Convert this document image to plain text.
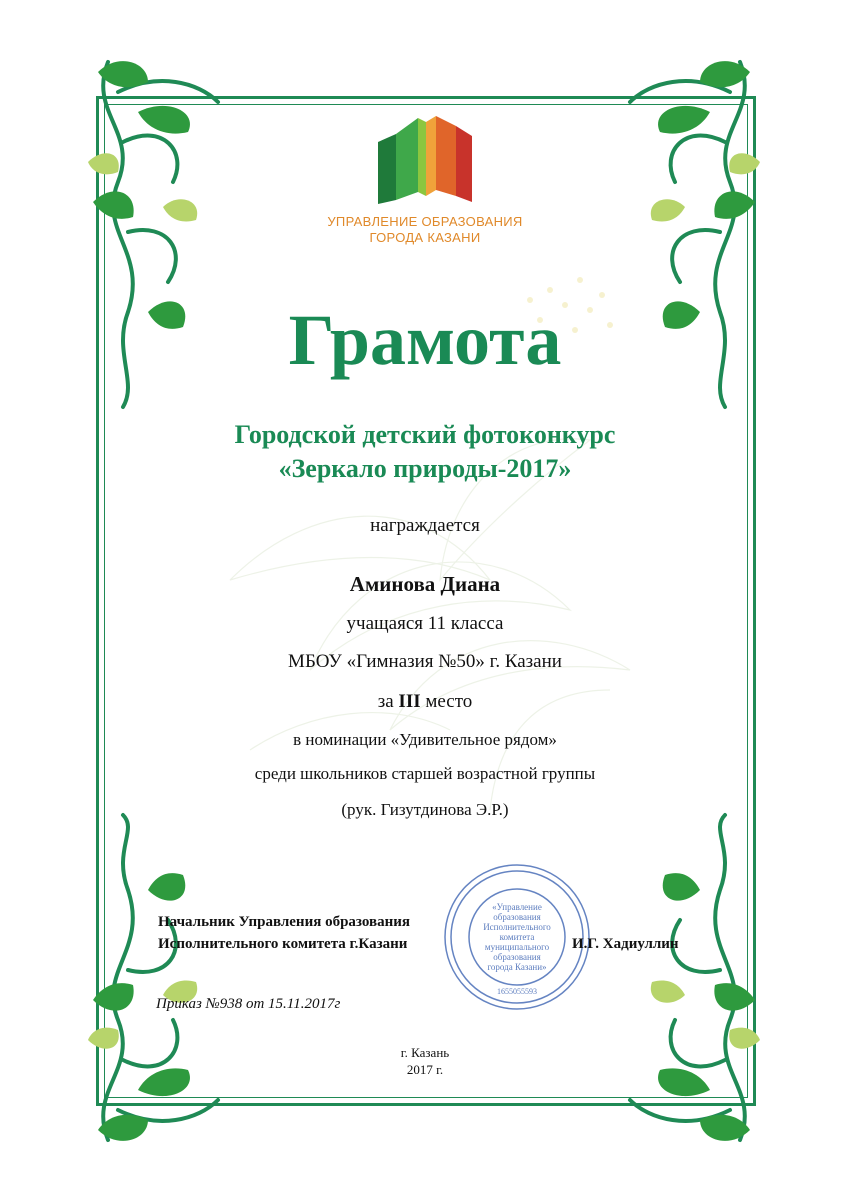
УПРАВЛЕНИЕ ОБРАЗОВАНИЯ
ГОРОДА КАЗАНИ
Грамота
Городской детский фотоконкурс
«Зеркало природы-2017»
награждается
Аминова Диана
учащаяся 11 класса
МБОУ «Гимназия №50» г. Казани
за III место
в номинации «Удивительное рядом»
среди школьников старшей возрастной группы
(рук. Гизутдинова Э.Р.)
«Управление
образования
Исполнительного
комитета
муниципального
образования
города Казани»
1655055593
Начальник Управления образования
Исполнительного комитета г.Казани	И.Г. Хадиуллин
Приказ №938 от 15.11.2017г
г. Казань
2017 г.
